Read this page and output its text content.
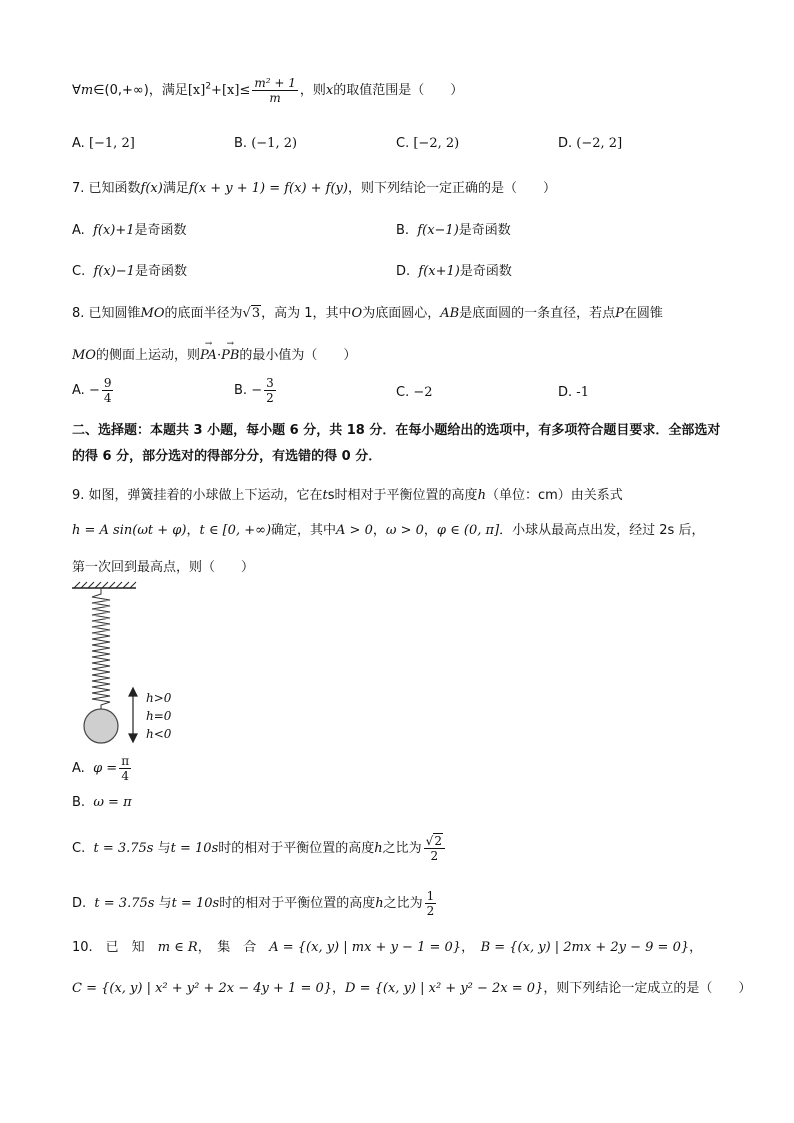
∀m∈(0,+∞)，满足$[x]^2+[x]\le \frac{\text{m² + 1}}{m}$ ，则x的取值范围是（　　）
A. [−1, 2]	B. (−1, 2)	C. [−2, 2)	D. (−2, 2]
7. 已知函数f(x)满足f(x + y + 1) = f(x) + f(y)，则下列结论一定正确的是（　　）
A. f(x)+1是奇函数	B. f(x−1)是奇函数
C. f(x)−1是奇函数	D. f(x+1)是奇函数
8. 已知圆锥MO的底面半径为√3，高为 1，其中O为底面圆心，AB是底面圆的一条直径，若点P在圆锥
MO的侧面上运动，则→ PA·→ PB的最小值为（　　）
A. − $\frac{9}{4}$	B. − $\frac{3}{2}$	C. −2	D. -1
二、选择题：本题共 3 小题，每小题 6 分，共 18 分．在每小题给出的选项中，有多项符合题目要求．全部选对的得 6 分，部分选对的得部分分，有选错的得 0 分．
9. 如图，弹簧挂着的小球做上下运动，它在ts时相对于平衡位置的高度h（单位：cm）由关系式
h = A sin(ωt + φ)，t ∈ [0, +∞)确定，其中A > 0，ω > 0，φ ∈ (0, π]．小球从最高点出发，经过 2s 后，
第一次回到最高点，则（　　）
h>0
h=0
h<0
A. $\varphi = \frac{\pi}{4}$
B. ω = π
C. t = 3.75s 与t = 10s时的相对于平衡位置的高度h之比为 $\frac{√2}{2}$
D. t = 3.75s 与t = 10s时的相对于平衡位置的高度h之比为 $\frac{1}{2}$
10.　已　知　m ∈ R，　集　合　A = {(x, y) | mx + y − 1 = 0}，　B = {(x, y) | 2mx + 2y − 9 = 0}，
C = {(x, y) | x² + y² + 2x − 4y + 1 = 0}，D = {(x, y) | x² + y² − 2x = 0}，则下列结论一定成立的是（　　）
